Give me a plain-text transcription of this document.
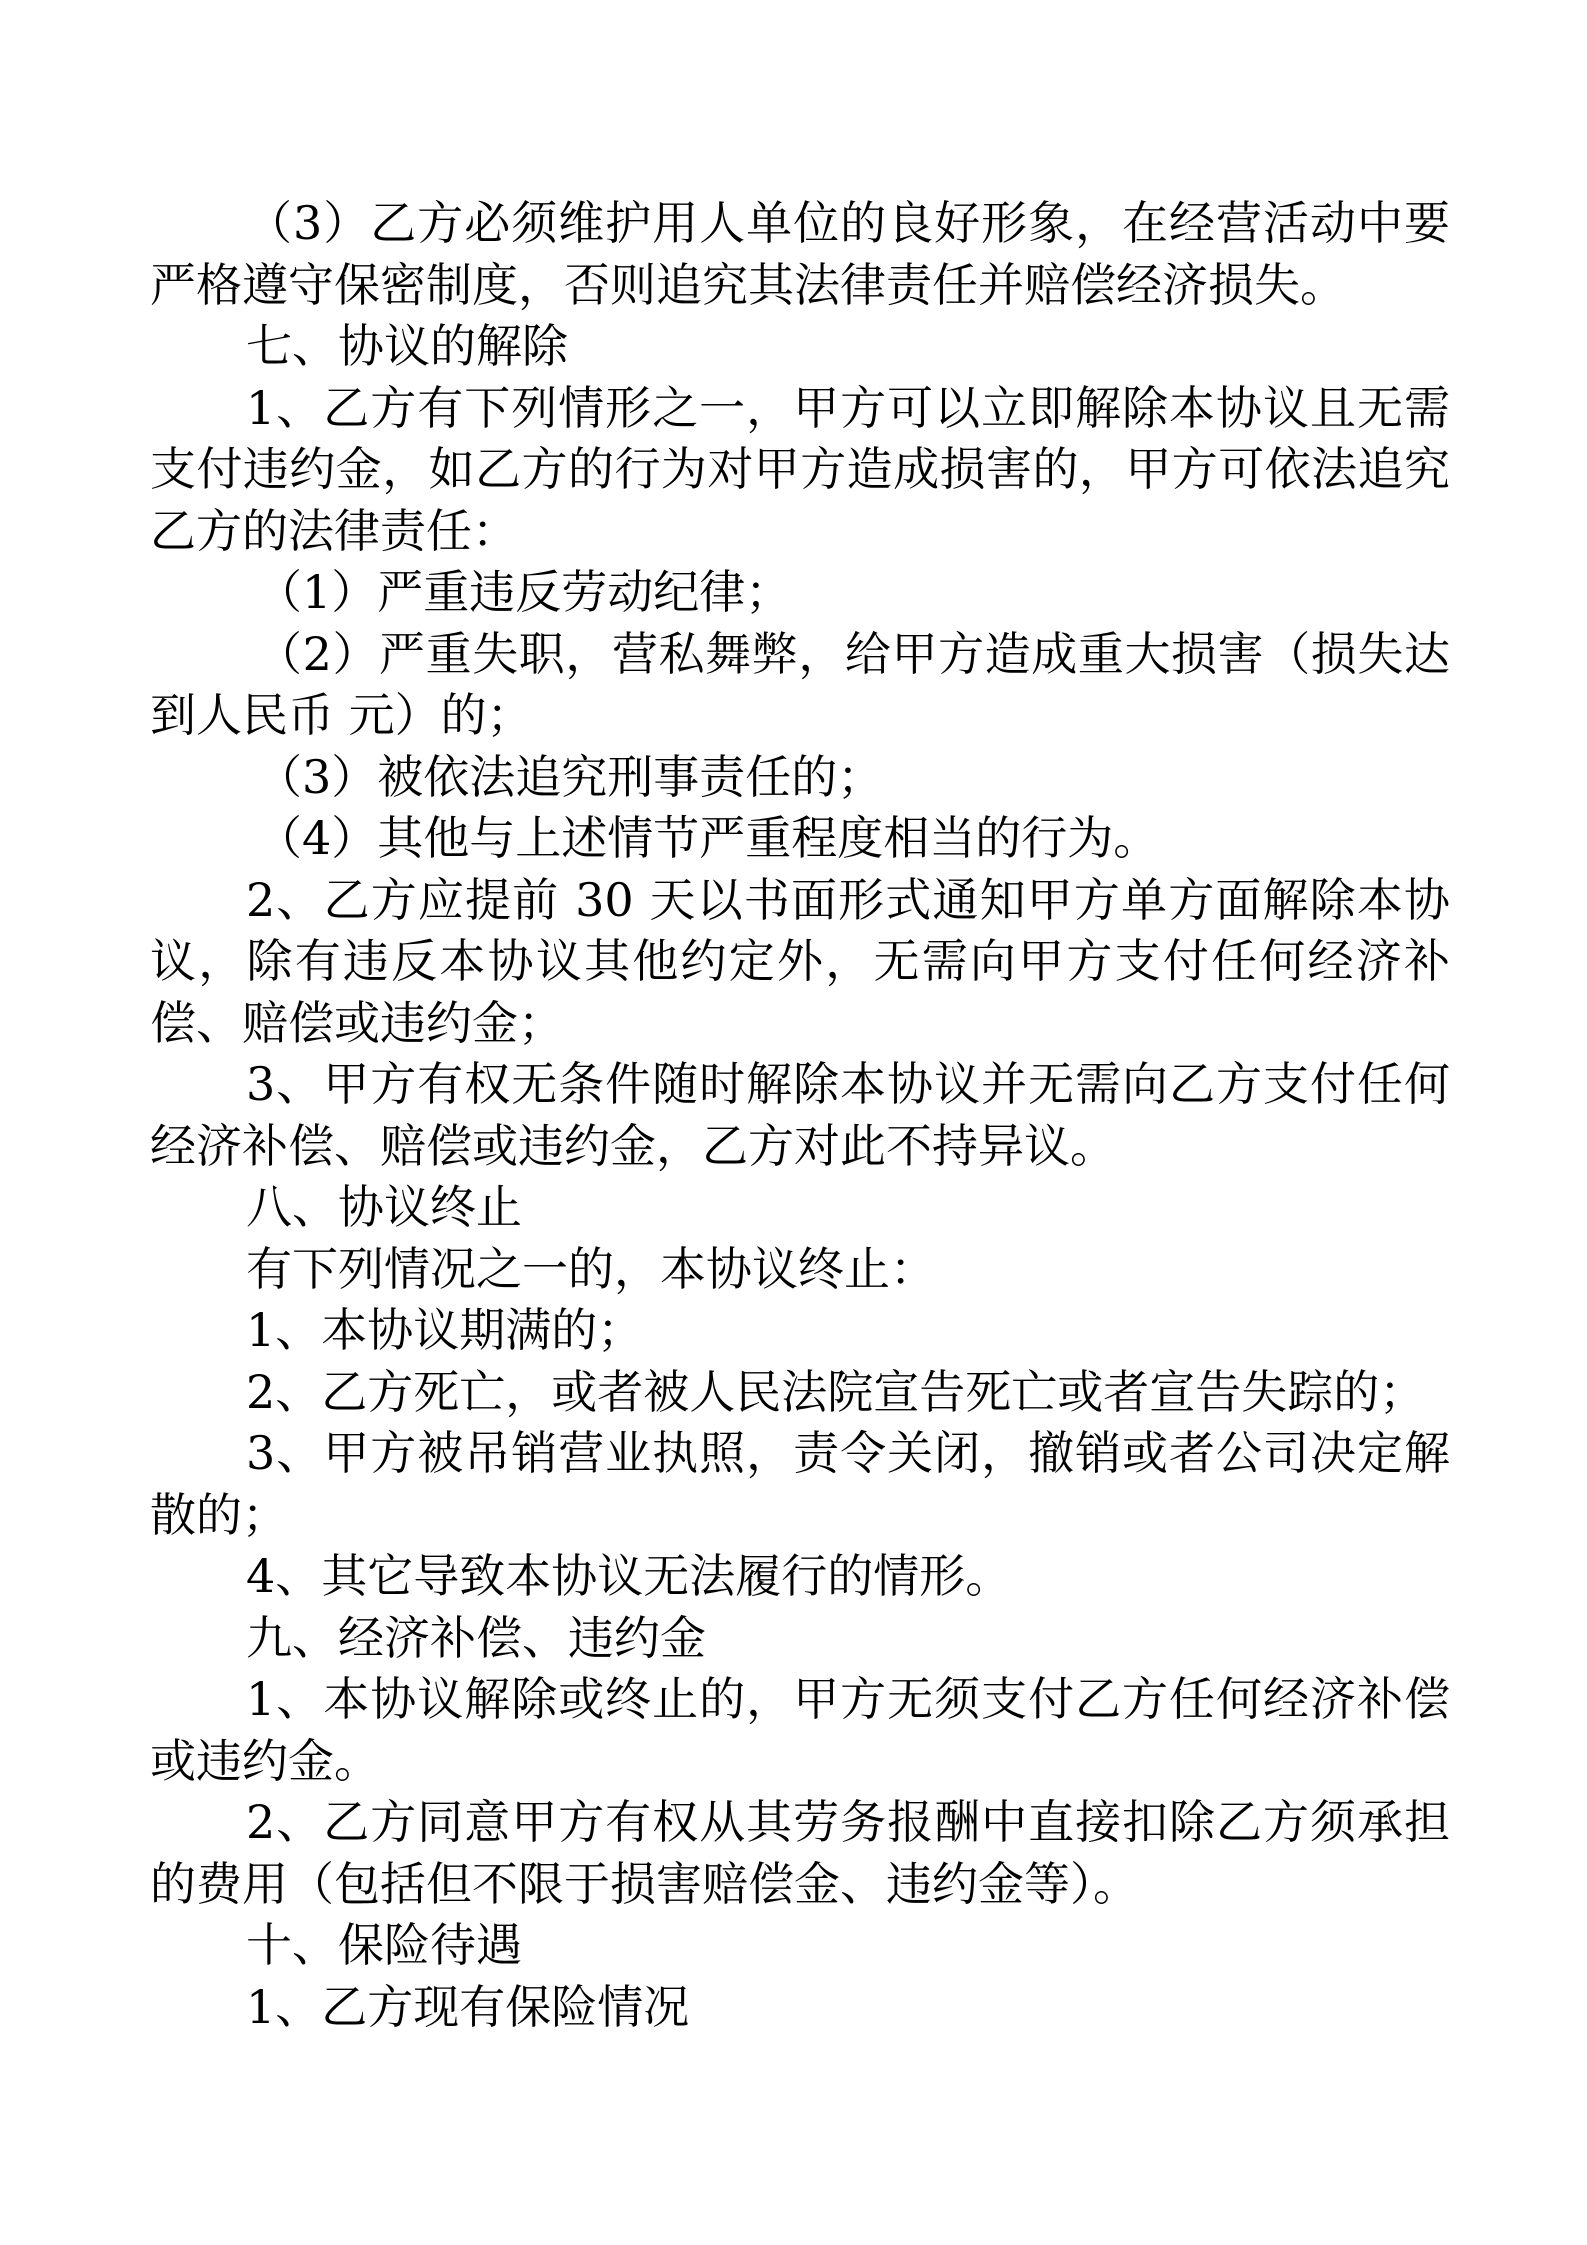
（3）乙方必须维护用人单位的良好形象，在经营活动中要严格遵守保密制度，否则追究其法律责任并赔偿经济损失。

七、协议的解除

1、乙方有下列情形之一，甲方可以立即解除本协议且无需支付违约金，如乙方的行为对甲方造成损害的，甲方可依法追究乙方的法律责任：

（1）严重违反劳动纪律；

（2）严重失职，营私舞弊，给甲方造成重大损害（损失达到人民币 元）的；

（3）被依法追究刑事责任的；

（4）其他与上述情节严重程度相当的行为。

2、乙方应提前 30 天以书面形式通知甲方单方面解除本协议，除有违反本协议其他约定外，无需向甲方支付任何经济补偿、赔偿或违约金；

3、甲方有权无条件随时解除本协议并无需向乙方支付任何经济补偿、赔偿或违约金，乙方对此不持异议。

八、协议终止

有下列情况之一的，本协议终止：

1、本协议期满的；

2、乙方死亡，或者被人民法院宣告死亡或者宣告失踪的；

3、甲方被吊销营业执照，责令关闭，撤销或者公司决定解散的；

4、其它导致本协议无法履行的情形。

九、经济补偿、违约金

1、本协议解除或终止的，甲方无须支付乙方任何经济补偿或违约金。

2、乙方同意甲方有权从其劳务报酬中直接扣除乙方须承担的费用（包括但不限于损害赔偿金、违约金等）。

十、保险待遇

1、乙方现有保险情况
